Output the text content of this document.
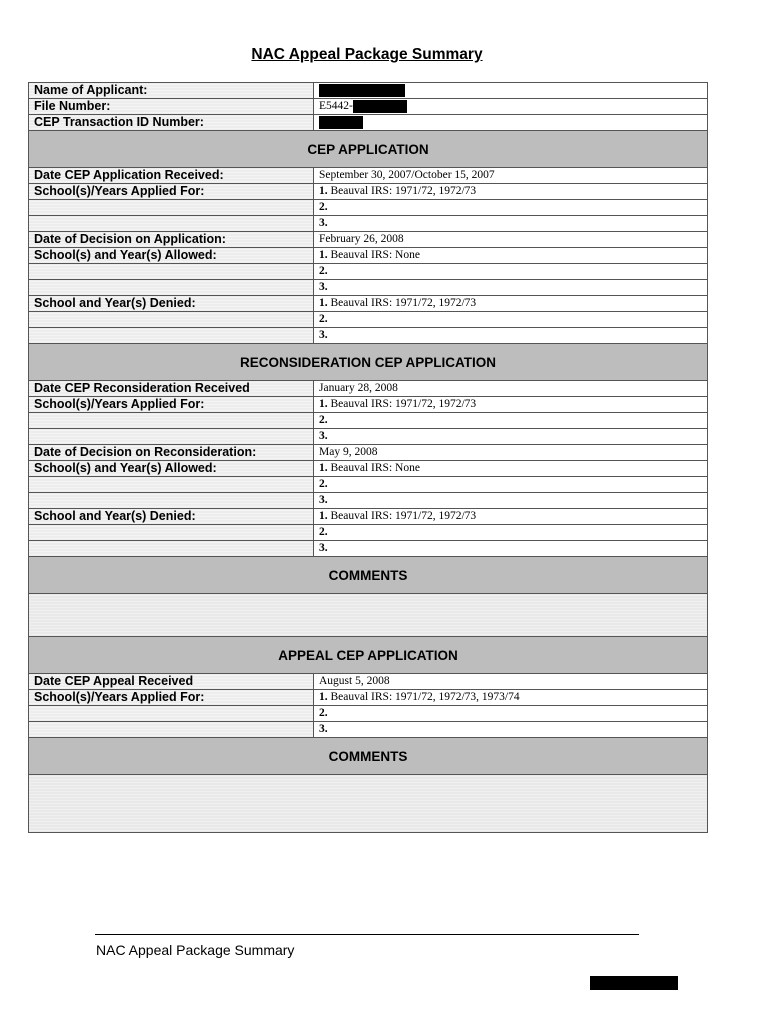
NAC Appeal Package Summary
Name of Applicant:	
File Number:	E5442-
CEP Transaction ID Number:	
CEP APPLICATION	
Date CEP Application Received:	September 30, 2007/October 15, 2007
School(s)/Years Applied For:	1. Beauval IRS: 1971/72, 1972/73
	2.
	3.
Date of Decision on Application:	February 26, 2008
School(s) and Year(s) Allowed:	1. Beauval IRS: None
	2.
	3.
School and Year(s) Denied:	1. Beauval IRS: 1971/72, 1972/73
	2.
	3.
RECONSIDERATION CEP APPLICATION	
Date CEP Reconsideration Received	January 28, 2008
School(s)/Years Applied For:	1. Beauval IRS: 1971/72, 1972/73
	2.
	3.
Date of Decision on Reconsideration:	May 9, 2008
School(s) and Year(s) Allowed:	1. Beauval IRS: None
	2.
	3.
School and Year(s) Denied:	1. Beauval IRS: 1971/72, 1972/73
	2.
	3.
COMMENTS	

APPEAL CEP APPLICATION	
Date CEP Appeal Received	August 5, 2008
School(s)/Years Applied For:	1. Beauval IRS: 1971/72, 1972/73, 1973/74
	2.
	3.
COMMENTS	

NAC Appeal Package Summary
